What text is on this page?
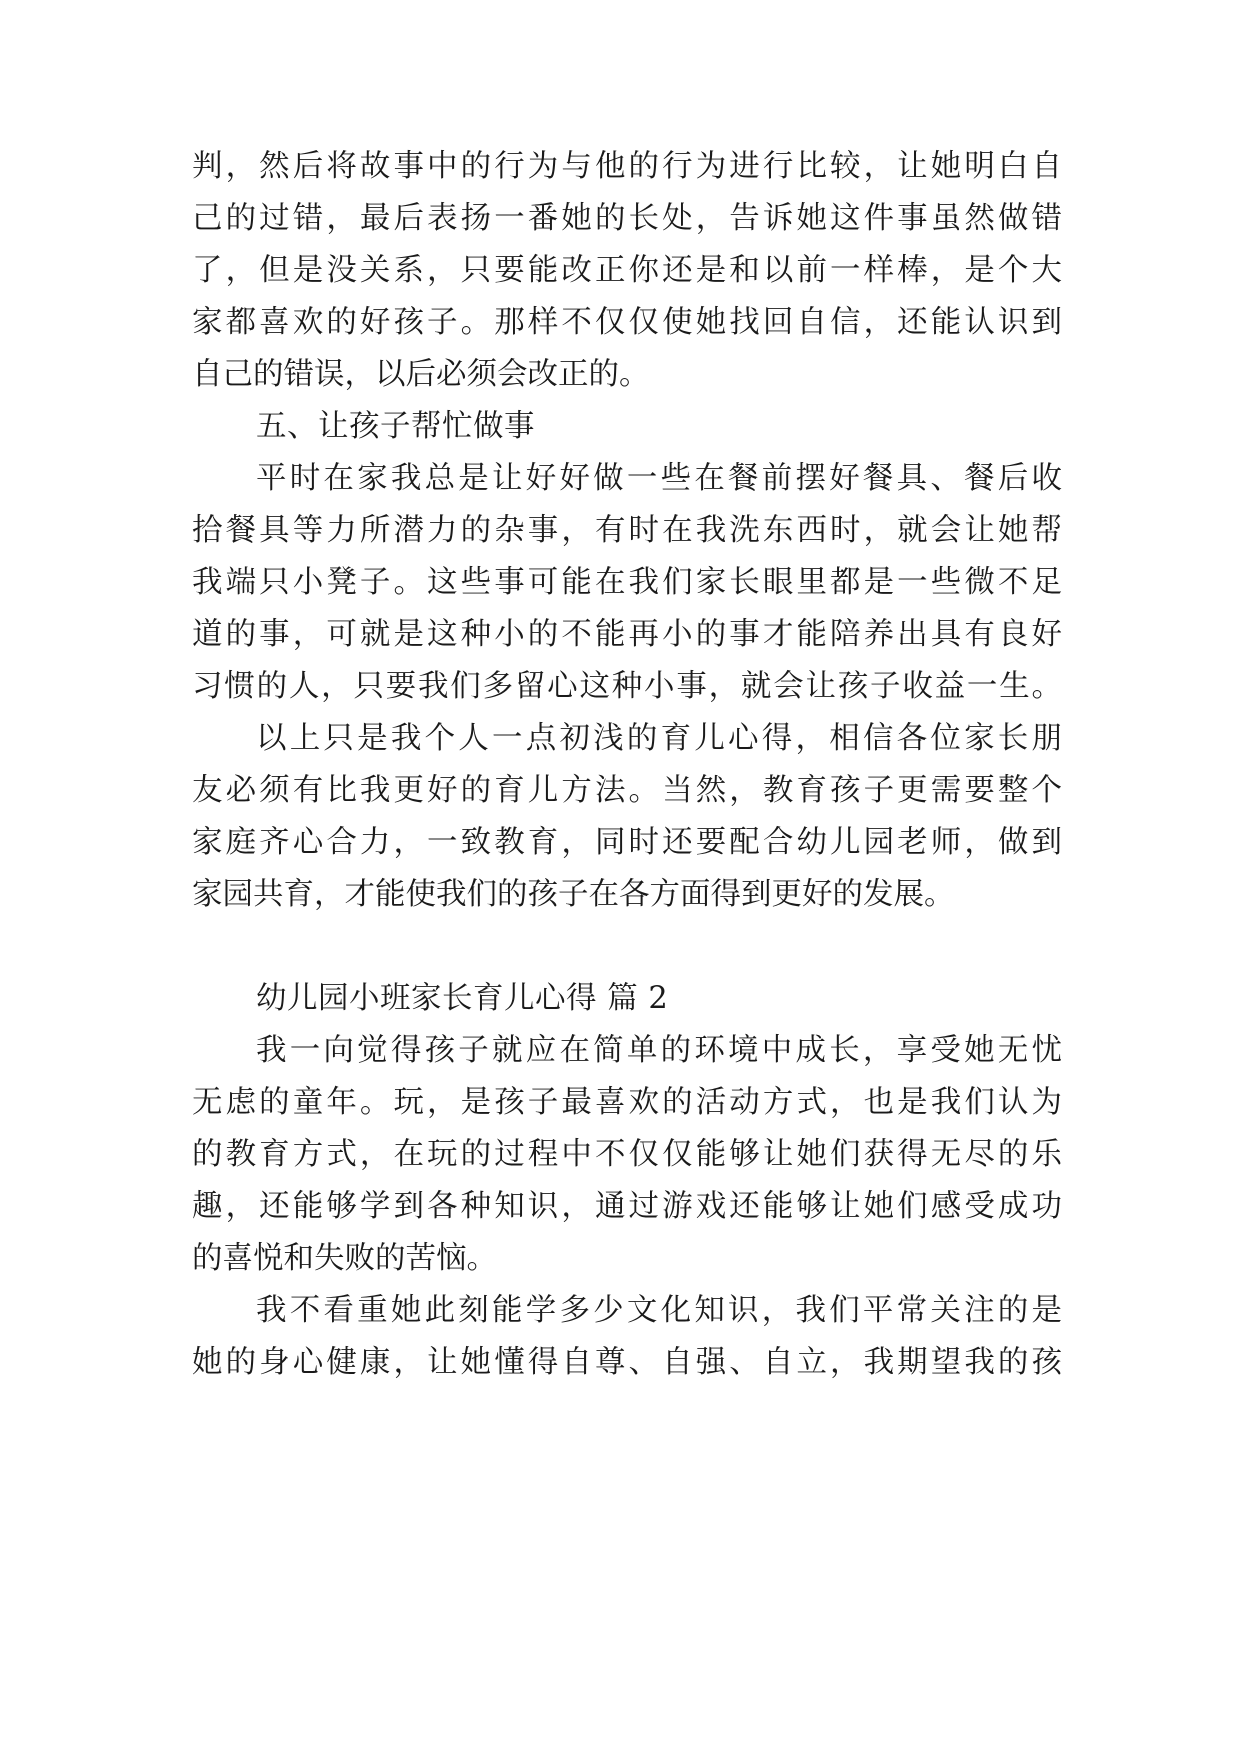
判，然后将故事中的行为与他的行为进行比较，让她明白自
己的过错，最后表扬一番她的长处，告诉她这件事虽然做错
了，但是没关系，只要能改正你还是和以前一样棒，是个大
家都喜欢的好孩子。那样不仅仅使她找回自信，还能认识到
自己的错误，以后必须会改正的。
五、让孩子帮忙做事
平时在家我总是让好好做一些在餐前摆好餐具、餐后收
拾餐具等力所潜力的杂事，有时在我洗东西时，就会让她帮
我端只小凳子。这些事可能在我们家长眼里都是一些微不足
道的事，可就是这种小的不能再小的事才能陪养出具有良好
习惯的人，只要我们多留心这种小事，就会让孩子收益一生。
以上只是我个人一点初浅的育儿心得，相信各位家长朋
友必须有比我更好的育儿方法。当然，教育孩子更需要整个
家庭齐心合力，一致教育，同时还要配合幼儿园老师，做到
家园共育，才能使我们的孩子在各方面得到更好的发展。
幼儿园小班家长育儿心得 篇 2
我一向觉得孩子就应在简单的环境中成长，享受她无忧
无虑的童年。玩，是孩子最喜欢的活动方式，也是我们认为
的教育方式，在玩的过程中不仅仅能够让她们获得无尽的乐
趣，还能够学到各种知识，通过游戏还能够让她们感受成功
的喜悦和失败的苦恼。
我不看重她此刻能学多少文化知识，我们平常关注的是
她的身心健康，让她懂得自尊、自强、自立，我期望我的孩
